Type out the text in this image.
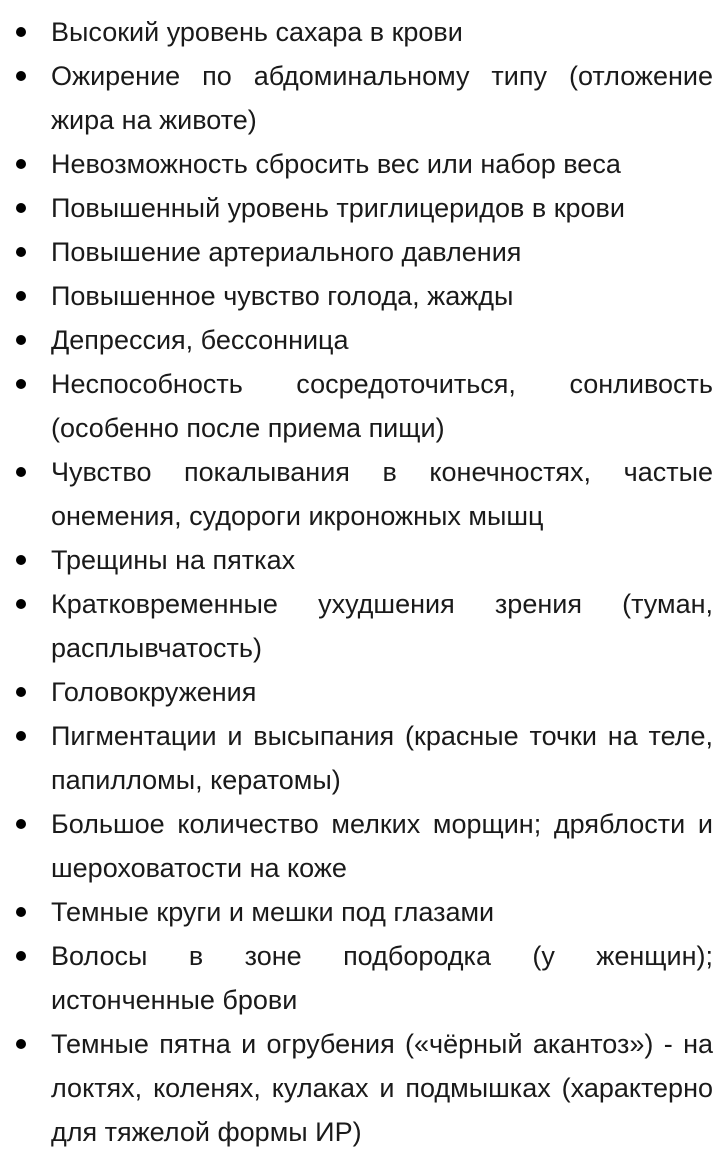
Высокий уровень сахара в крови
Ожирение по абдоминальному типу (отложение жира на животе)
Невозможность сбросить вес или набор веса
Повышенный уровень триглицеридов в крови
Повышение артериального давления
Повышенное чувство голода, жажды
Депрессия, бессонница
Неспособность сосредоточиться, сонливость (особенно после приема пищи)
Чувство покалывания в конечностях, частые онемения, судороги икроножных мышц
Трещины на пятках
Кратковременные ухудшения зрения (туман, расплывчатость)
Головокружения
Пигментации и высыпания (красные точки на теле, папилломы, кератомы)
Большое количество мелких морщин; дряблости и шероховатости на коже
Темные круги и мешки под глазами
Волосы в зоне подбородка (у женщин); истонченные брови
Темные пятна и огрубения («чёрный акантоз») - на локтях, коленях, кулаках и подмышках (характерно для тяжелой формы ИР)
